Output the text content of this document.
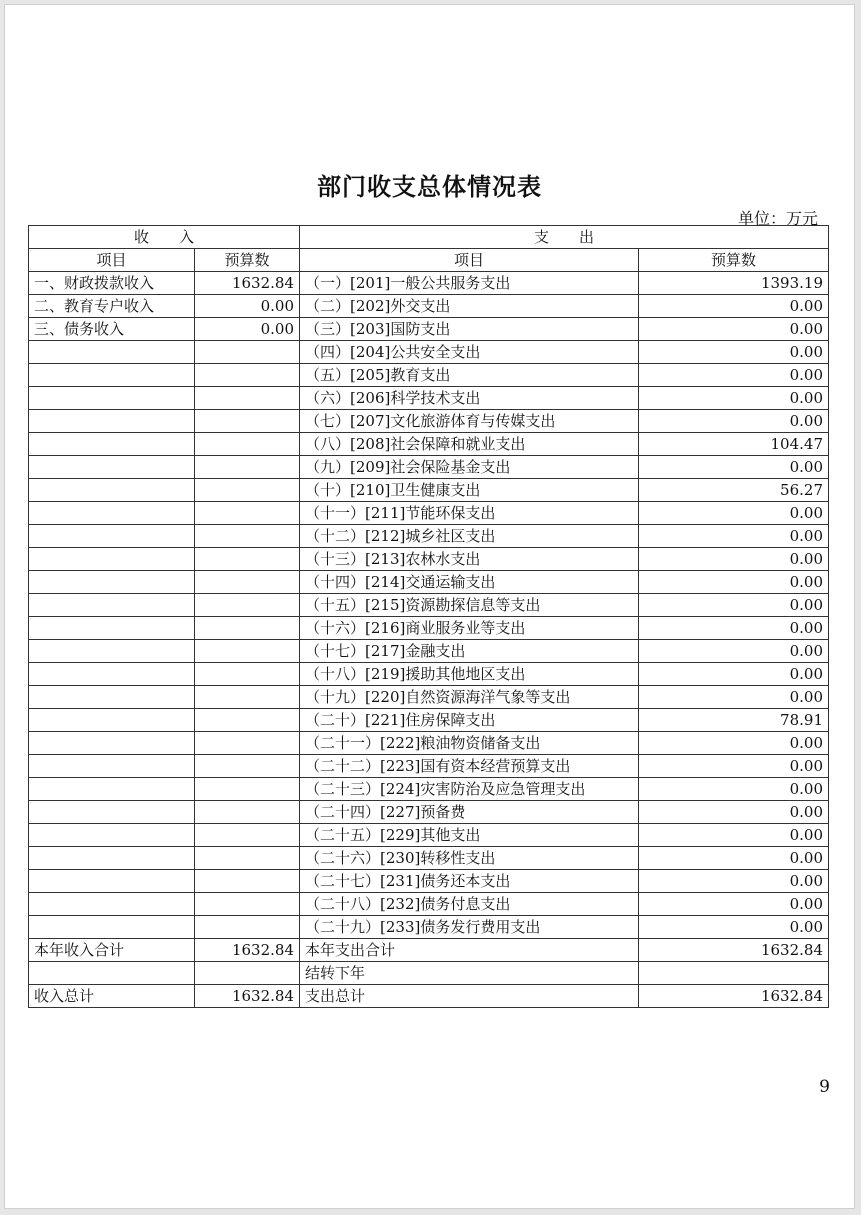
部门收支总体情况表
单位：万元
收　　入		支　　出	
项目	预算数	项目	预算数
一、财政拨款收入	1632.84	（一）[201]一般公共服务支出	1393.19
二、教育专户收入	0.00	（二）[202]外交支出	0.00
三、债务收入	0.00	（三）[203]国防支出	0.00
		（四）[204]公共安全支出	0.00
		（五）[205]教育支出	0.00
		（六）[206]科学技术支出	0.00
		（七）[207]文化旅游体育与传媒支出	0.00
		（八）[208]社会保障和就业支出	104.47
		（九）[209]社会保险基金支出	0.00
		（十）[210]卫生健康支出	56.27
		（十一）[211]节能环保支出	0.00
		（十二）[212]城乡社区支出	0.00
		（十三）[213]农林水支出	0.00
		（十四）[214]交通运输支出	0.00
		（十五）[215]资源勘探信息等支出	0.00
		（十六）[216]商业服务业等支出	0.00
		（十七）[217]金融支出	0.00
		（十八）[219]援助其他地区支出	0.00
		（十九）[220]自然资源海洋气象等支出	0.00
		（二十）[221]住房保障支出	78.91
		（二十一）[222]粮油物资储备支出	0.00
		（二十二）[223]国有资本经营预算支出	0.00
		（二十三）[224]灾害防治及应急管理支出	0.00
		（二十四）[227]预备费	0.00
		（二十五）[229]其他支出	0.00
		（二十六）[230]转移性支出	0.00
		（二十七）[231]债务还本支出	0.00
		（二十八）[232]债务付息支出	0.00
		（二十九）[233]债务发行费用支出	0.00
本年收入合计	1632.84	本年支出合计	1632.84
		结转下年	
收入总计	1632.84	支出总计	1632.84
9
